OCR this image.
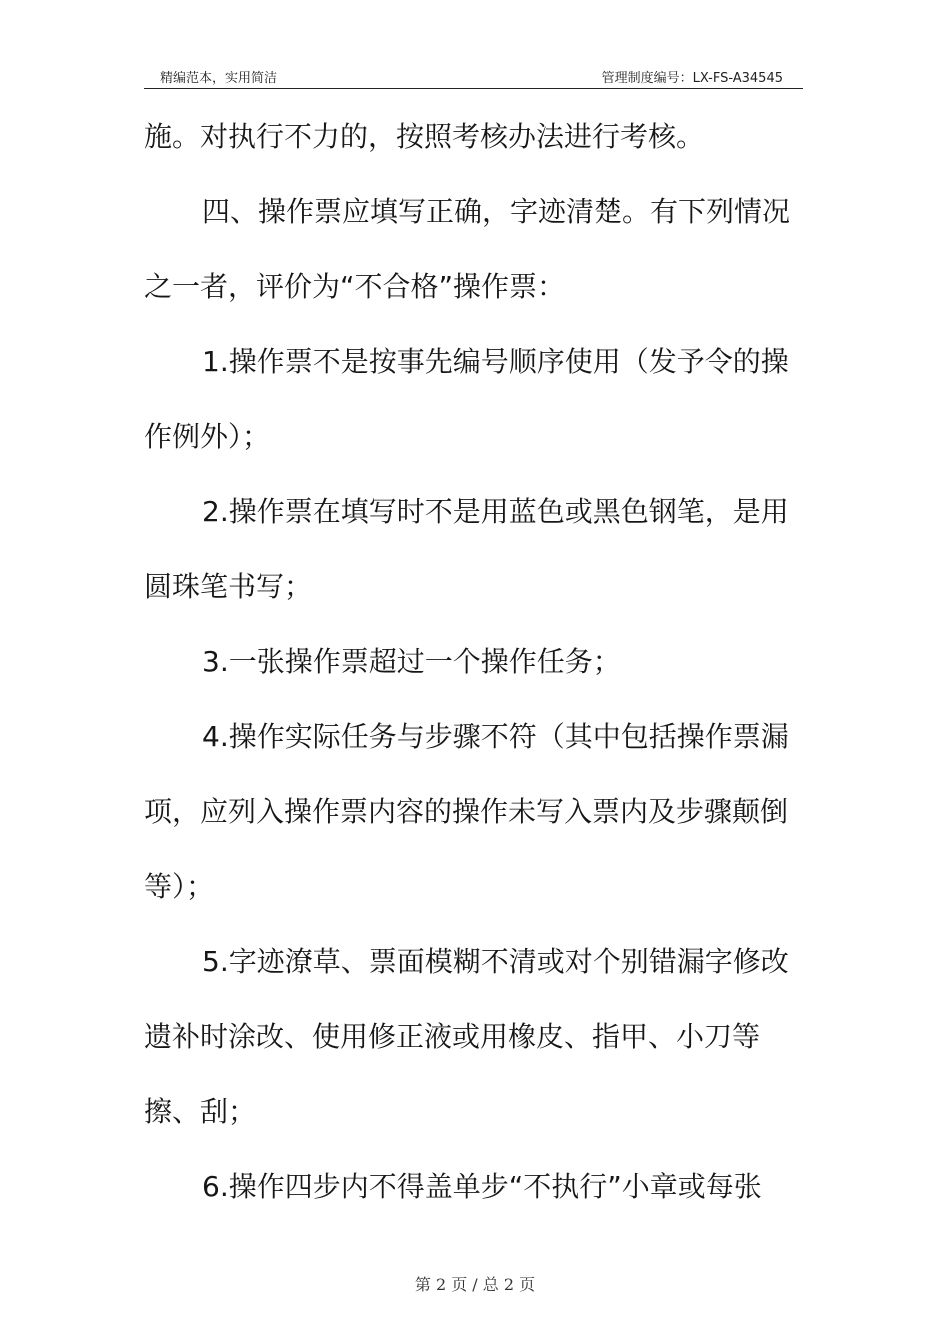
精编范本，实用简洁	管理制度编号：LX-FS-A34545
施。对执行不力的，按照考核办法进行考核。
四、操作票应填写正确，字迹清楚。有下列情况
之一者，评价为“不合格”操作票：
1.操作票不是按事先编号顺序使用（发予令的操
作例外）；
2.操作票在填写时不是用蓝色或黑色钢笔，是用
圆珠笔书写；
3.一张操作票超过一个操作任务；
4.操作实际任务与步骤不符（其中包括操作票漏
项，应列入操作票内容的操作未写入票内及步骤颠倒
等）；
5.字迹潦草、票面模糊不清或对个别错漏字修改
遗补时涂改、使用修正液或用橡皮、指甲、小刀等
擦、刮；
6.操作四步内不得盖单步“不执行”小章或每张
第 2 页 / 总 2 页
